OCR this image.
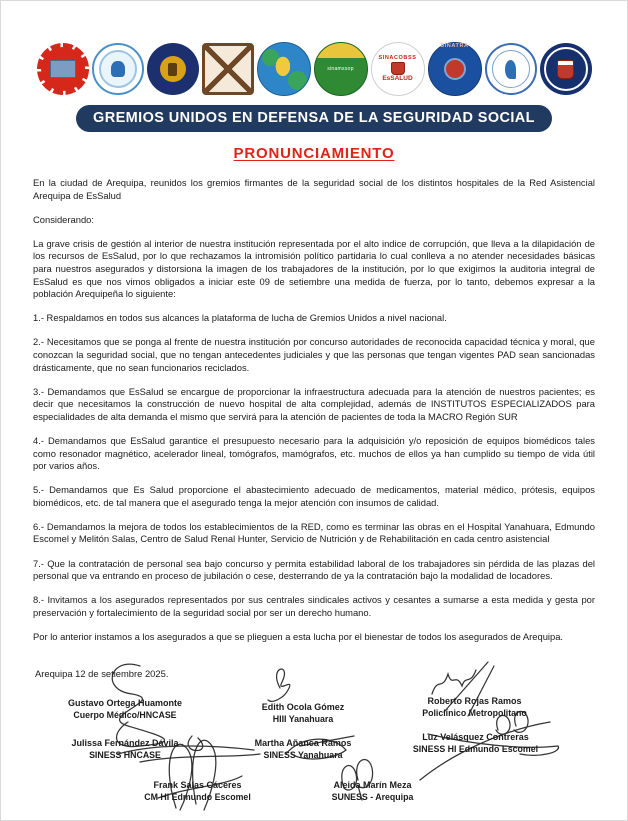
sinamssop
SINACOBSS
EsSALUD
SINATRA
GREMIOS UNIDOS EN DEFENSA DE LA SEGURIDAD SOCIAL
PRONUNCIAMIENTO

En la ciudad de Arequipa, reunidos los gremios firmantes de la seguridad social de los distintos hospitales de la Red Asistencial Arequipa de EsSalud

Considerando:

La grave crisis de gestión al interior de nuestra institución representada por el alto indice de corrupción, que lleva a la dilapidación de los recursos de EsSalud, por lo que rechazamos la intromisión político partidaria lo cual conlleva a no atender necesidades básicas para nuestros asegurados y distorsiona la imagen de los trabajadores de la institución, por lo que exigimos la auditoria integral de EsSalud es que nos vimos obligados a iniciar este 09 de setiembre una medida de fuerza, por lo tanto, debemos expresar a la población Arequipeña lo siguiente:

1.- Respaldamos en todos sus alcances la plataforma de lucha de Gremios Unidos a nivel nacional.

2.- Necesitamos que se ponga al frente de nuestra institución por concurso autoridades de reconocida capacidad técnica y moral, que conozcan la seguridad social, que no tengan antecedentes judiciales y que las personas que tengan vigentes PAD sean sancionadas drásticamente, que no sean funcionarios reciclados.

3.- Demandamos que EsSalud se encargue de proporcionar la infraestructura adecuada para la atención de nuestros pacientes; es decir que necesitamos la construcción de nuevo hospital de alta complejidad, además de INSTITUTOS ESPECIALIZADOS para especialidades de alta demanda el mismo que servirá para la atención de pacientes de toda la MACRO Región SUR

4.- Demandamos que EsSalud garantice el presupuesto necesario para la adquisición y/o reposición de equipos biomédicos tales como resonador magnético, acelerador lineal, tomógrafos, mamógrafos, etc. muchos de ellos ya han cumplido su tiempo de vida útil por varios años.

5.- Demandamos que Es Salud proporcione el abastecimiento adecuado de medicamentos, material médico, prótesis, equipos biomédicos, etc. de tal manera que el asegurado tenga la mejor atención con insumos de calidad.

6.- Demandamos la mejora de todos los establecimientos de la RED, como es terminar las obras en el Hospital Yanahuara, Edmundo Escomel y Melitón Salas, Centro de Salud Renal Hunter, Servicio de Nutrición y de Rehabilitación en cada centro asistencial

7.- Que la contratación de personal sea bajo concurso y permita estabilidad laboral de los trabajadores sin pérdida de las plazas del personal que va entrando en proceso de jubilación o cese, desterrando de ya la contratación bajo la modalidad de locadores.

8.- Invitamos a los asegurados representados por sus centrales sindicales activos y cesantes a sumarse a esta medida y gesta por preservación y fortalecimiento de la seguridad social por ser un derecho humano.

Por lo anterior instamos a los asegurados a que se plieguen a esta lucha por el bienestar de todos los asegurados de Arequipa.

Arequipa 12 de setiembre 2025.
Gustavo Ortega Huamonte
Cuerpo Médico/HNCASE
Edith Ocola Gómez
HIII Yanahuara
Roberto Rojas Ramos
Policlínico Metropolitano
Julissa Fernández Dávila
SINESS HNCASE
Martha Añanca Ramos
SINESS Yanahuara
Luz Velásquez Contreras
SINESS HI Edmundo Escomel
Frank Salas Cáceres
CM HI Edmundo Escomel
Aleida Marín Meza
SUNESS - Arequipa
